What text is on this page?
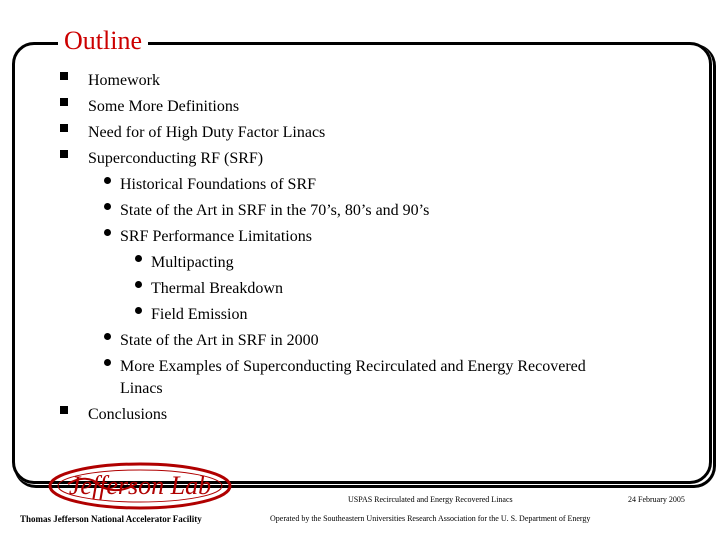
Outline
Homework
Some More Definitions
Need for of High Duty Factor Linacs
Superconducting RF (SRF)
Historical Foundations of SRF
State of the Art in SRF in the 70’s, 80’s and 90’s
SRF Performance Limitations
Multipacting
Thermal Breakdown
Field Emission
State of the Art in SRF in 2000
More Examples of Superconducting Recirculated and Energy Recovered
Linacs
Conclusions
Jefferson Lab	USPAS Recirculated and Energy Recovered Linacs	24 February 2005
Thomas Jefferson National Accelerator Facility	Operated by the Southeastern Universities Research Association for the U. S. Department of Energy
